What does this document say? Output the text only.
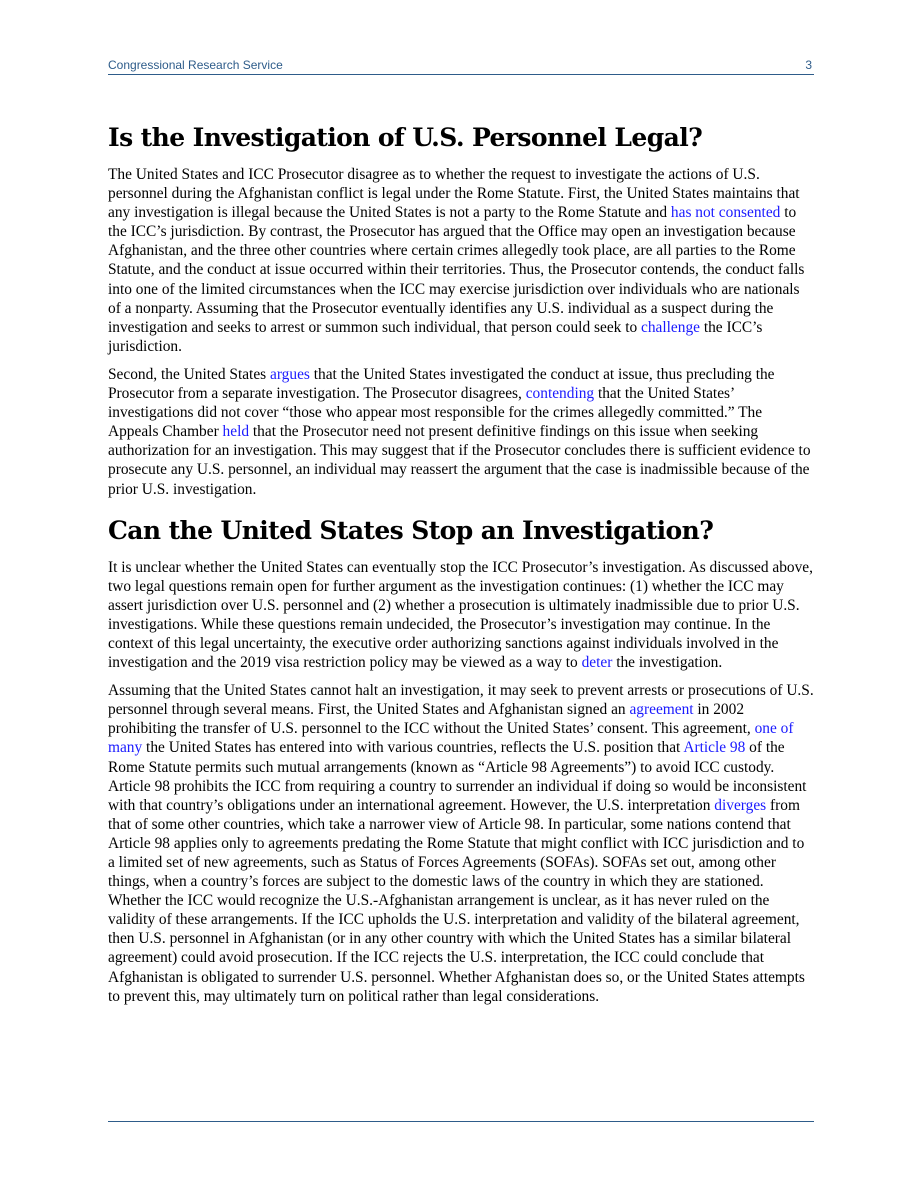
Congressional Research Service	3
Is the Investigation of U.S. Personnel Legal?

The United States and ICC Prosecutor disagree as to whether the request to investigate the actions of U.S. personnel during the Afghanistan conflict is legal under the Rome Statute. First, the United States maintains that any investigation is illegal because the United States is not a party to the Rome Statute and has not consented to the ICC’s jurisdiction. By contrast, the Prosecutor has argued that the Office may open an investigation because Afghanistan, and the three other countries where certain crimes allegedly took place, are all parties to the Rome Statute, and the conduct at issue occurred within their territories. Thus, the Prosecutor contends, the conduct falls into one of the limited circumstances when the ICC may exercise jurisdiction over individuals who are nationals of a nonparty. Assuming that the Prosecutor eventually identifies any U.S. individual as a suspect during the investigation and seeks to arrest or summon such individual, that person could seek to challenge the ICC’s jurisdiction.

Second, the United States argues that the United States investigated the conduct at issue, thus precluding the Prosecutor from a separate investigation. The Prosecutor disagrees, contending that the United States’ investigations did not cover “those who appear most responsible for the crimes allegedly committed.” The Appeals Chamber held that the Prosecutor need not present definitive findings on this issue when seeking authorization for an investigation. This may suggest that if the Prosecutor concludes there is sufficient evidence to prosecute any U.S. personnel, an individual may reassert the argument that the case is inadmissible because of the prior U.S. investigation.

Can the United States Stop an Investigation?

It is unclear whether the United States can eventually stop the ICC Prosecutor’s investigation. As discussed above, two legal questions remain open for further argument as the investigation continues: (1) whether the ICC may assert jurisdiction over U.S. personnel and (2) whether a prosecution is ultimately inadmissible due to prior U.S. investigations. While these questions remain undecided, the Prosecutor’s investigation may continue. In the context of this legal uncertainty, the executive order authorizing sanctions against individuals involved in the investigation and the 2019 visa restriction policy may be viewed as a way to deter the investigation.

Assuming that the United States cannot halt an investigation, it may seek to prevent arrests or prosecutions of U.S. personnel through several means. First, the United States and Afghanistan signed an agreement in 2002 prohibiting the transfer of U.S. personnel to the ICC without the United States’ consent. This agreement, one of many the United States has entered into with various countries, reflects the U.S. position that Article 98 of the Rome Statute permits such mutual arrangements (known as “Article 98 Agreements”) to avoid ICC custody. Article 98 prohibits the ICC from requiring a country to surrender an individual if doing so would be inconsistent with that country’s obligations under an international agreement. However, the U.S. interpretation diverges from that of some other countries, which take a narrower view of Article 98. In particular, some nations contend that Article 98 applies only to agreements predating the Rome Statute that might conflict with ICC jurisdiction and to a limited set of new agreements, such as Status of Forces Agreements (SOFAs). SOFAs set out, among other things, when a country’s forces are subject to the domestic laws of the country in which they are stationed. Whether the ICC would recognize the U.S.-Afghanistan arrangement is unclear, as it has never ruled on the validity of these arrangements. If the ICC upholds the U.S. interpretation and validity of the bilateral agreement, then U.S. personnel in Afghanistan (or in any other country with which the United States has a similar bilateral agreement) could avoid prosecution. If the ICC rejects the U.S. interpretation, the ICC could conclude that Afghanistan is obligated to surrender U.S. personnel. Whether Afghanistan does so, or the United States attempts to prevent this, may ultimately turn on political rather than legal considerations.
